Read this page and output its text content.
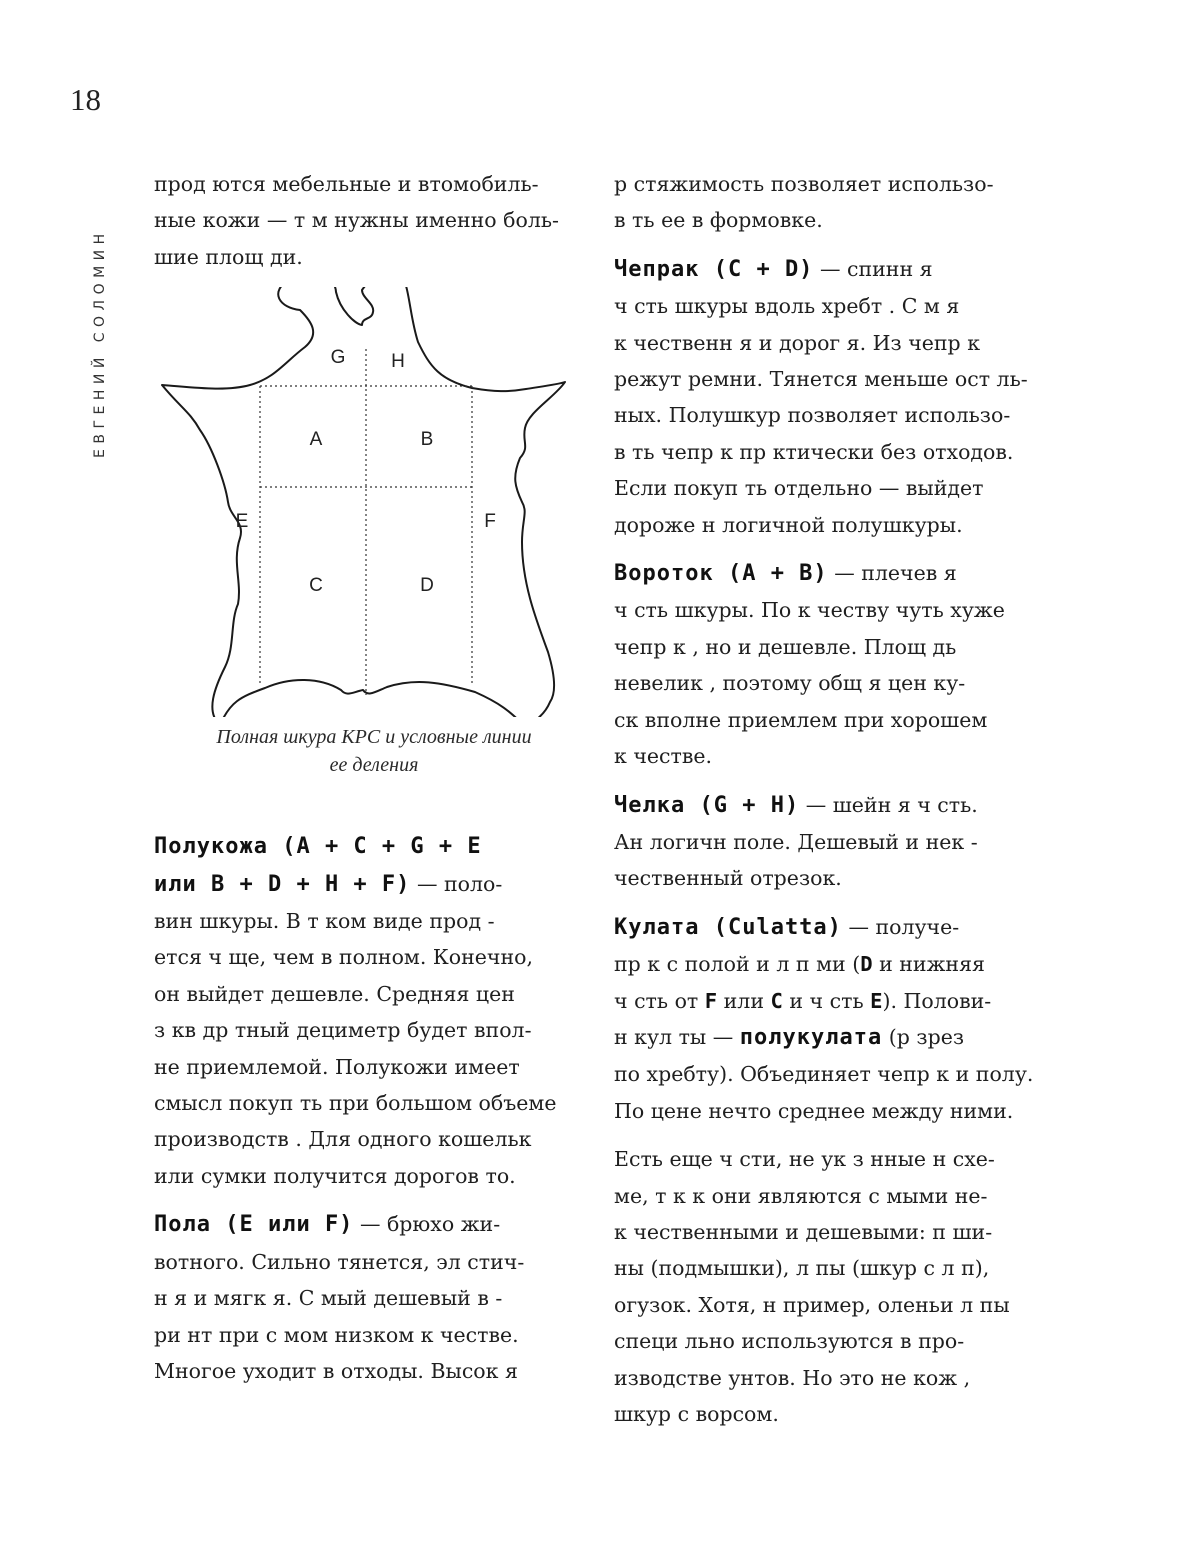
18
ЕВГЕНИЙ СОЛОМИН
прод ются мебельные и втомобиль-
ные кожи — т м нужны именно боль-
шие площ ди.
G H
A	B
E	F
C	D
Полная шкура КРС и условные линии
ее деления
Полукожа (A + C + G + E
или B + D + H + F) — поло-
вин шкуры. В т ком виде прод -
ется ч ще, чем в полном. Конечно,
он выйдет дешевле. Средняя цен
з кв др тный дециметр будет впол-
не приемлемой. Полукожи имеет
смысл покуп ть при большом объеме
производств . Для одного кошельк
или сумки получится дорогов то.
Пола (E или F) — брюхо жи-
вотного. Сильно тянется, эл стич-
н я и мягк я. С мый дешевый в -
ри нт при с мом низком к честве.
Многое уходит в отходы. Высок я
р стяжимость позволяет использо-
в ть ее в формовке.
Чепрак (C + D) — спинн я
ч сть шкуры вдоль хребт . С м я
к чественн я и дорог я. Из чепр к
режут ремни. Тянется меньше ост ль-
ных. Полушкур позволяет использо-
в ть чепр к пр ктически без отходов.
Если покуп ть отдельно — выйдет
дороже н логичной полушкуры.
Вороток (A + B) — плечев я
ч сть шкуры. По к честву чуть хуже
чепр к , но и дешевле. Площ дь
невелик , поэтому общ я цен ку-
ск вполне приемлем при хорошем
к честве.
Челка (G + H) — шейн я ч сть.
Ан логичн поле. Дешевый и нек -
чественный отрезок.
Кулата (Culatta) — получе-
пр к с полой и л п ми (D и нижняя
ч сть от F или C и ч сть E). Полови-
н кул ты — полукулата (р зрез
по хребту). Объединяет чепр к и полу.
По цене нечто среднее между ними.
Есть еще ч сти, не ук з нные н схе-
ме, т к к они являются с мыми не-
к чественными и дешевыми: п ши-
ны (подмышки), л пы (шкур с л п),
огузок. Хотя, н пример, оленьи л пы
специ льно используются в про-
изводстве унтов. Но это не кож ,
шкур с ворсом.
